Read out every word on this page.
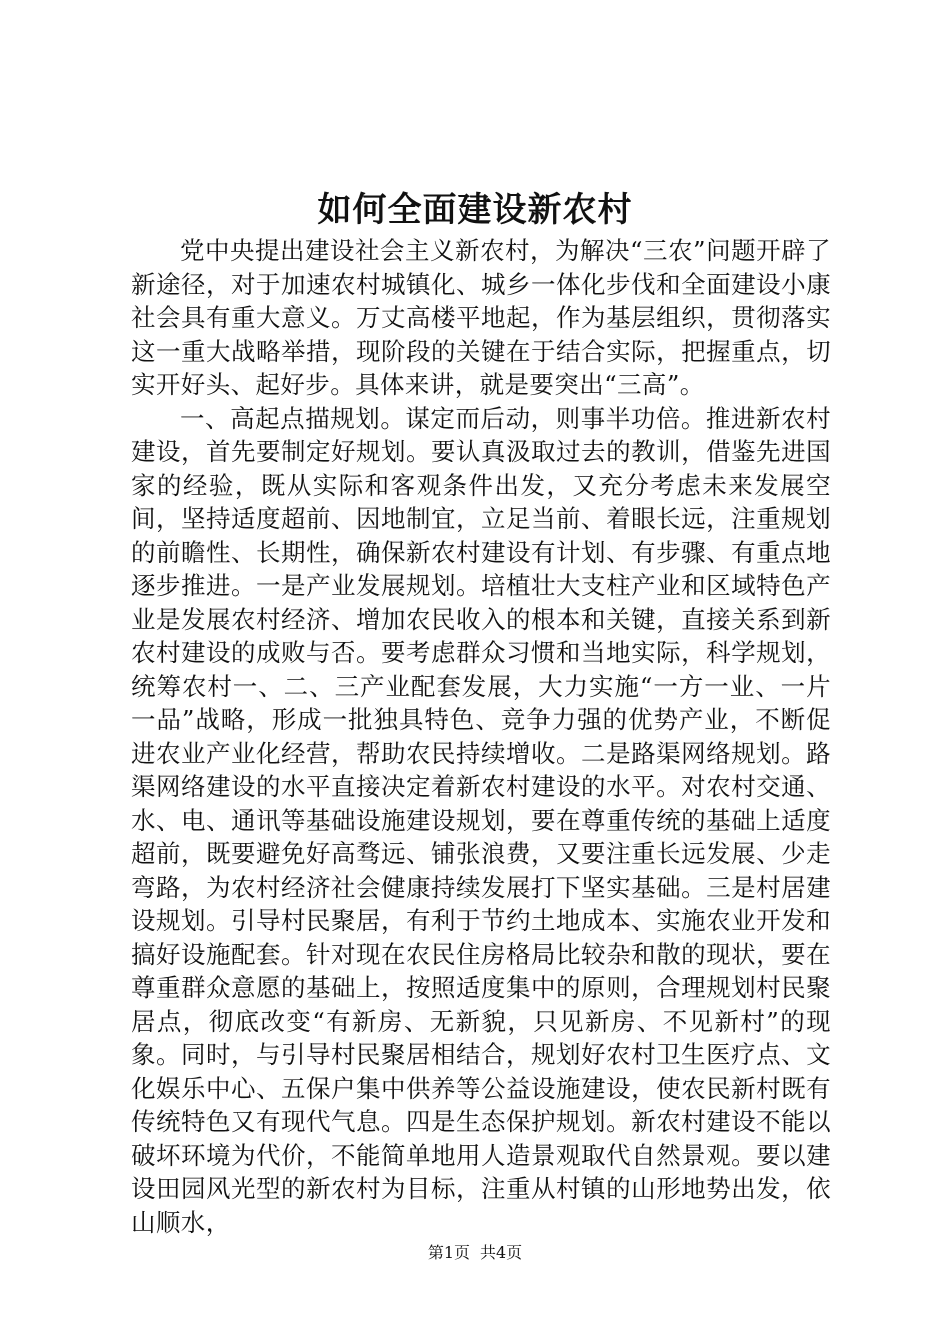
如何全面建设新农村

党中央提出建设社会主义新农村，为解决“三农”问题开辟了新途径，对于加速农村城镇化、城乡一体化步伐和全面建设小康社会具有重大意义。万丈高楼平地起，作为基层组织，贯彻落实这一重大战略举措，现阶段的关键在于结合实际，把握重点，切实开好头、起好步。具体来讲，就是要突出“三高”。

一、高起点描规划。谋定而后动，则事半功倍。推进新农村建设，首先要制定好规划。要认真汲取过去的教训，借鉴先进国家的经验，既从实际和客观条件出发，又充分考虑未来发展空间，坚持适度超前、因地制宜，立足当前、着眼长远，注重规划的前瞻性、长期性，确保新农村建设有计划、有步骤、有重点地逐步推进。一是产业发展规划。培植壮大支柱产业和区域特色产业是发展农村经济、增加农民收入的根本和关键，直接关系到新农村建设的成败与否。要考虑群众习惯和当地实际，科学规划，统筹农村一、二、三产业配套发展，大力实施“一方一业、一片一品”战略，形成一批独具特色、竞争力强的优势产业，不断促进农业产业化经营，帮助农民持续增收。二是路渠网络规划。路渠网络建设的水平直接决定着新农村建设的水平。对农村交通、水、电、通讯等基础设施建设规划，要在尊重传统的基础上适度超前，既要避免好高骛远、铺张浪费，又要注重长远发展、少走弯路，为农村经济社会健康持续发展打下坚实基础。三是村居建设规划。引导村民聚居，有利于节约土地成本、实施农业开发和搞好设施配套。针对现在农民住房格局比较杂和散的现状，要在尊重群众意愿的基础上，按照适度集中的原则，合理规划村民聚居点，彻底改变“有新房、无新貌，只见新房、不见新村”的现象。同时，与引导村民聚居相结合，规划好农村卫生医疗点、文化娱乐中心、五保户集中供养等公益设施建设，使农民新村既有传统特色又有现代气息。四是生态保护规划。新农村建设不能以破坏环境为代价，不能简单地用人造景观取代自然景观。要以建设田园风光型的新农村为目标，注重从村镇的山形地势出发，依山顺水，

第1页 共4页
